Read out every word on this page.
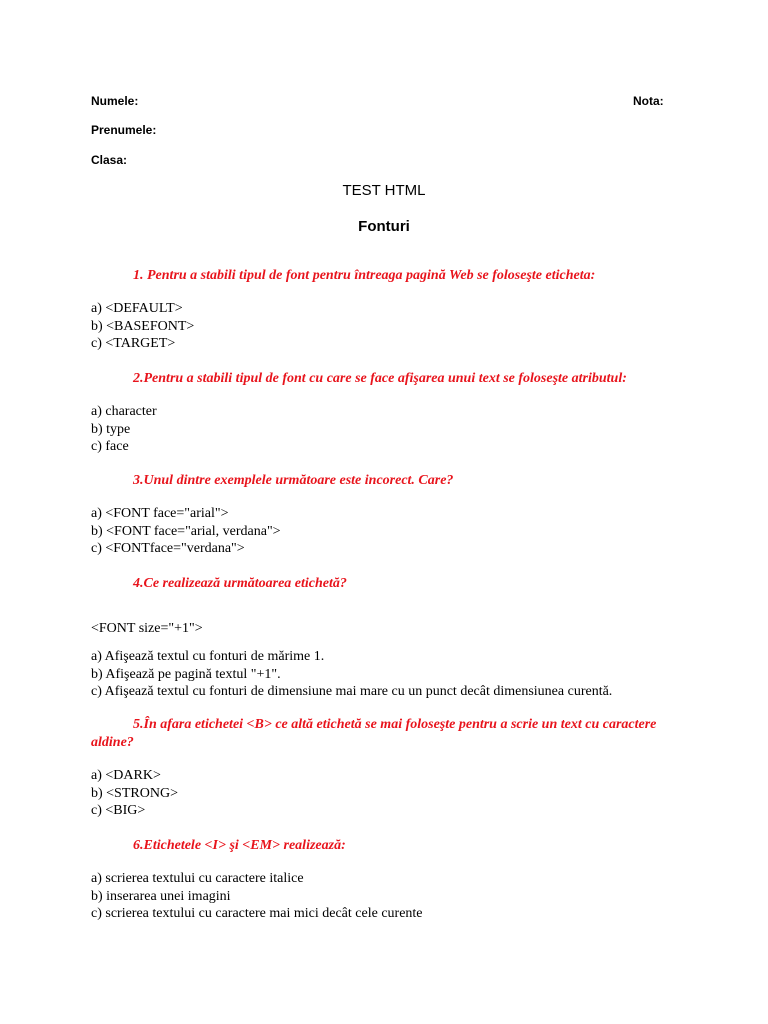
Numele:	Nota:
Prenumele:
Clasa:
TEST HTML
Fonturi
1. Pentru a stabili tipul de font pentru întreaga pagină Web se foloseşte eticheta:
a) <DEFAULT>
b) <BASEFONT>
c) <TARGET>
2.Pentru a stabili tipul de font cu care se face afişarea unui text se foloseşte atributul:
a) character
b) type
c) face
3.Unul dintre exemplele următoare este incorect. Care?
a) <FONT face="arial">
b) <FONT face="arial, verdana">
c) <FONTface="verdana">
4.Ce realizează următoarea etichetă?
<FONT size="+1">
a) Afişează textul cu fonturi de mărime 1.
b) Afişează pe pagină textul "+1".
c) Afişează textul cu fonturi de dimensiune mai mare cu un punct decât dimensiunea curentă.
5.În afara etichetei <B> ce altă etichetă se mai foloseşte pentru a scrie un text cu caractere aldine?
a) <DARK>
b) <STRONG>
c) <BIG>
6.Etichetele <I> şi <EM> realizează:
a) scrierea textului cu caractere italice
b) inserarea unei imagini
c) scrierea textului cu caractere mai mici decât cele curente
